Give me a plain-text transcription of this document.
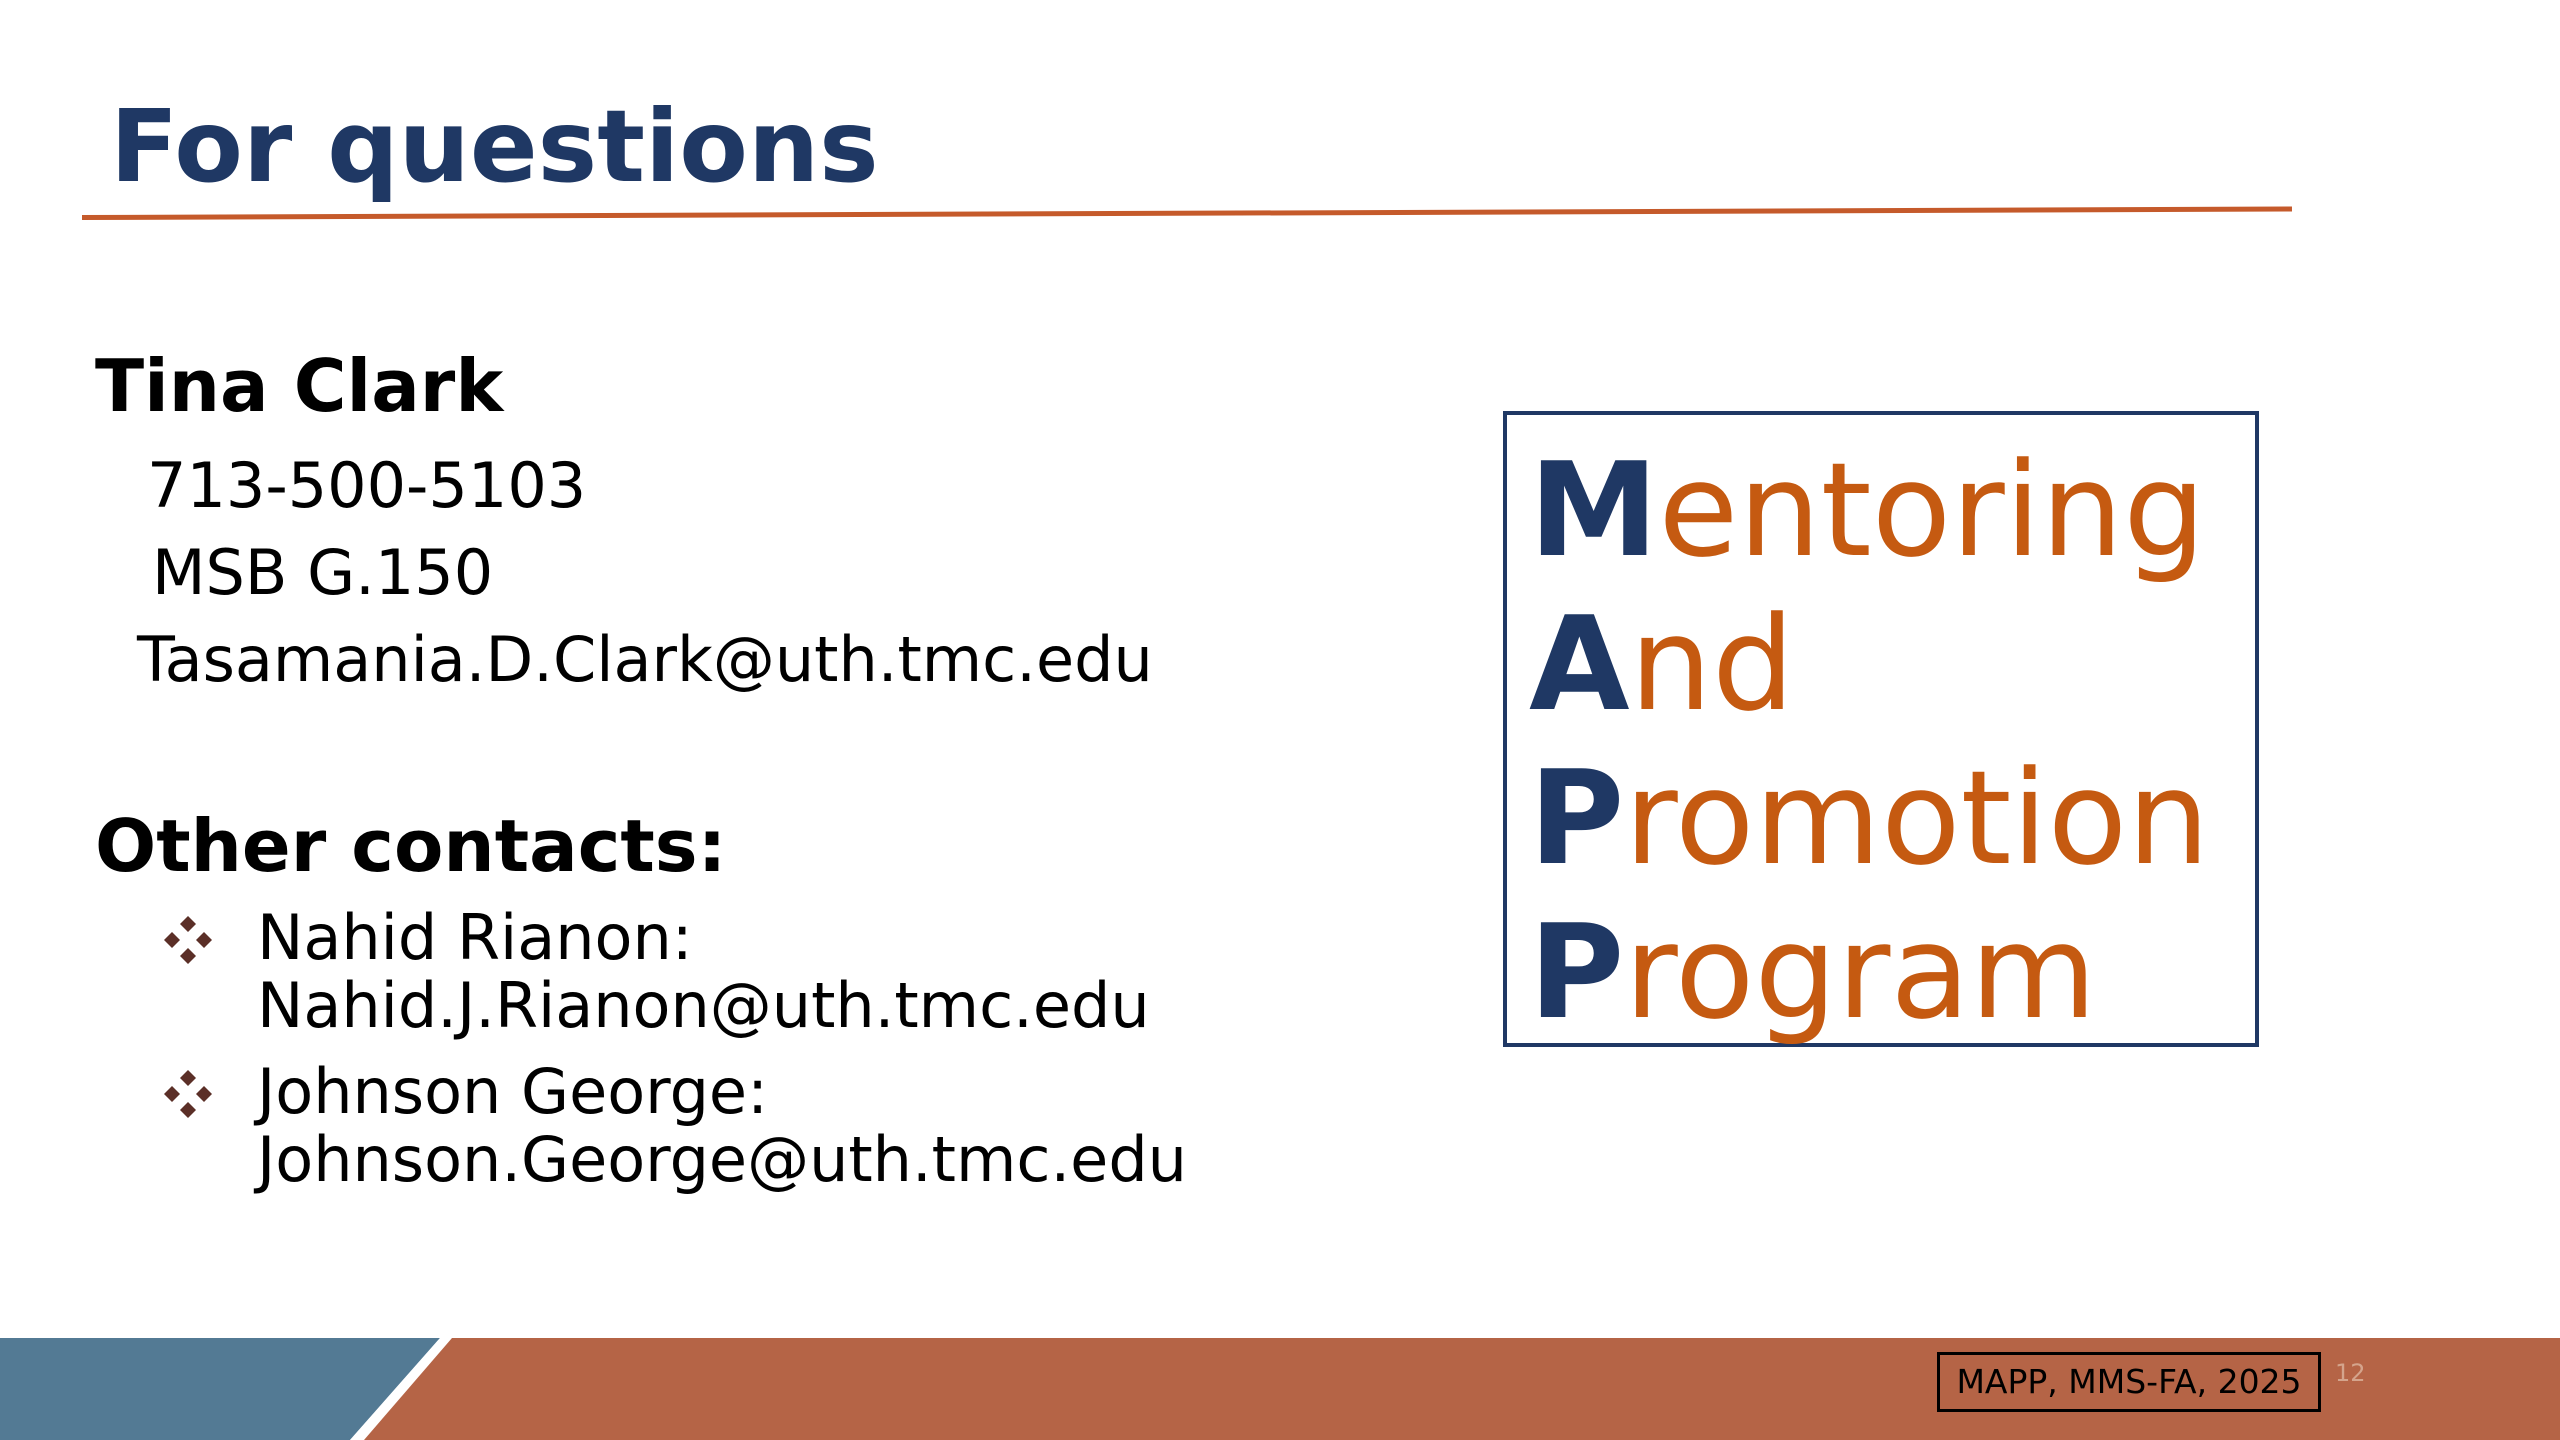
For questions
Tina Clark
713-500-5103
MSB G.150
Tasamania.D.Clark@uth.tmc.edu
Other contacts:
Nahid Rianon:
Nahid.J.Rianon@uth.tmc.edu
Johnson George:
Johnson.George@uth.tmc.edu
Mentoring
And
Promotion
Program
MAPP, MMS-FA, 2025	12
